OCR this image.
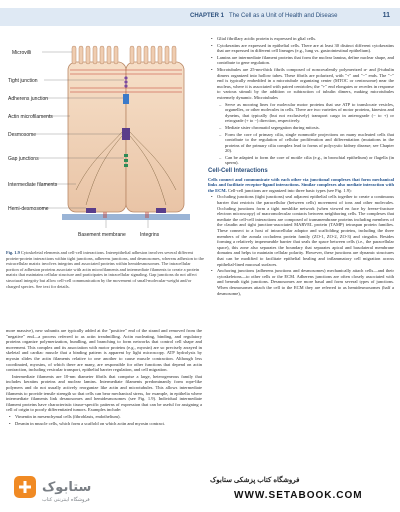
CHAPTER 1 The Cell as a Unit of Health and Disease	11
Microvilli
Tight junction
Adherens junction
Actin microfilaments
Desmosome
Gap junctions
Intermediate filaments
Hemi-desmosome
Basement membrane	Integrins
Fig. 1.9 Cytoskeletal elements and cell-cell interactions. Interepithelial adhesion involves several different protein-protein interactions within tight junctions, adherens junctions, and desmosomes, whereas adhesion to the extracellular matrix involves integrins and associated proteins within hemidesmosomes. The intracellular portion of adhesion proteins associate with actin microfilaments and intermediate filaments to create a protein matrix that maintains cellular structure and participates in intracellular signaling. Gap junctions do not affect structural integrity but allow cell-cell communication by the movement of small-molecular-weight and/or charged species. See text for details.

more massive), new subunits are typically added at the "positive" end of the strand and removed from the "negative" end—a process referred to as actin treadmilling. Actin nucleating, binding, and regulatory proteins organize polymerization, bundling, and branching to form networks that control cell shape and movement. This complex and its association with motor proteins (e.g., myosin) are so precisely arrayed in skeletal and cardiac muscle that a binding pattern is apparent by light microscopy. ATP hydrolysis by myosin slides the actin filaments relative to one another to cause muscle contraction. Although less coordinated, myosins, of which there are many, are responsible for other functions that depend on actin contraction, including vesicular transport, epithelial barrier regulation, and cell migration.

Intermediate filaments are 10-nm diameter fibrils that comprise a large, heterogeneous family that includes keratins proteins and nuclear lamins. Intermediate filaments predominantly form rope-like polymers and do not usually actively reorganize like actin and microtubules. This allows intermediate filaments to provide tensile strength so that cells can bear mechanical stress, for example, in epithelia where intermediate filaments link desmosomes and hemidesmosomes (see Fig. 1.9). Individual intermediate filament proteins have characteristic tissue-specific patterns of expression that can be useful for assigning a cell of origin to poorly differentiated tumors. Examples include:

• Vimentin in mesenchymal cells (fibroblasts, endothelium).
• Desmin in muscle cells, which form a scaffold on which actin and myosin contract.
• Glial fibrillary acidic protein is expressed in glial cells.
• Cytokeratins are expressed in epithelial cells. There are at least 30 distinct different cytokeratins that are expressed in different cell lineages (e.g., lung vs. gastrointestinal epithelium).
• Lamins are intermediate filament proteins that form the nuclear lamina, define nuclear shape, and contribute to gene regulation.
• Microtubules are 25-nm-thick fibrils composed of noncovalently polymerized α- and β-tubulin dimers organized into hollow tubes. These fibrils are polarized, with "+" and "−" ends. The "−" end is typically embedded in a microtubule organizing center (MTOC or centrosome) near the nucleus, where it is associated with paired centrioles; the "+" end elongates or recedes in response to various stimuli by the addition or subtraction of tubulin dimers, making microtubules extremely dynamic. Microtubules
– Serve as mooring lines for molecular motor proteins that use ATP to translocate vesicles, organelles, or other molecules in cells. There are two varieties of motor proteins, kinesins and dyneins, that typically (but not exclusively) transport cargo in anterograde (− to +) or retrograde (+ to −) direction, respectively.
– Mediate sister chromatid segregation during mitosis.
– Form the core of primary cilia, single nonmotile projections on many nucleated cells that contribute to the regulation of cellular proliferation and differentiation (mutations in the proteins of the primary cilia complex lead to forms of polycystic kidney disease; see Chapter 20).
– Can be adapted to form the core of motile cilia (e.g., in bronchial epithelium) or flagella (in sperm).
Cell-Cell Interactions

Cells connect and communicate with each other via junctional complexes that form mechanical links and facilitate receptor-ligand interactions. Similar complexes also mediate interaction with the ECM. Cell-cell junctions are organized into three basic types (see Fig. 1.9):

• Occluding junctions (tight junctions) seal adjacent epithelial cells together to create a continuous barrier that restricts the paracellular (between cells) movement of ions and other molecules. Occluding junctions form a tight meshlike network (when viewed en face by freeze-fracture electron microscopy) of macromolecular contacts between neighboring cells. The complexes that mediate the cell-cell interactions are composed of transmembrane proteins including members of the claudin and tight junction-associated MARVEL protein (TAMP) tetraspan protein families. These connect to a host of intracellular adaptor and scaffolding proteins, including the three members of the zonula occludens protein family (ZO-1, ZO-2, ZO-3) and cingulin. Besides forming a relatively impermeable barrier that seals the space between cells (i.e., the paracellular space), this zone also separates the boundary that separates apical and basolateral membrane domains and helps to maintain cellular polarity. However, these junctions are dynamic structures that can be modified to facilitate epithelial healing and inflammatory cell migration across epithelial-lined mucosal surfaces.
• Anchoring junctions (adherens junctions and desmosomes) mechanically attach cells—and their cytoskeletons—to other cells or the ECM. Adherens junctions are often closely associated with and beneath tight junctions. Desmosomes are more basal and form several types of junctions. When desmosomes attach the cell to the ECM they are referred to as hemidesmosomes (half a desmosome),
ستابوک
فروشگاه اینترنتی کتاب
فروشگاه کتاب پزشکی ستابوک
WWW.SETABOOK.COM
